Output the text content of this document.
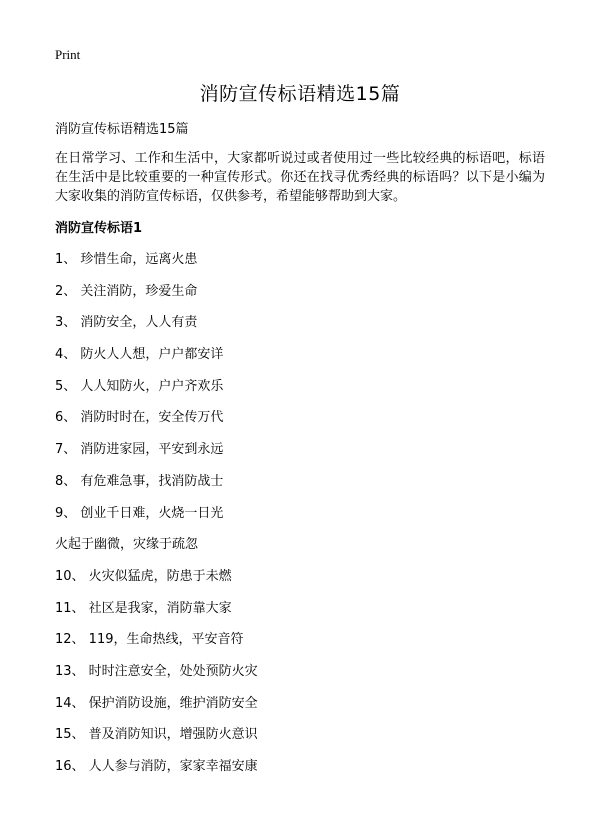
Print
消防宣传标语精选15篇

消防宣传标语精选15篇

在日常学习、工作和生活中，大家都听说过或者使用过一些比较经典的标语吧，标语在生活中是比较重要的一种宣传形式。你还在找寻优秀经典的标语吗？以下是小编为大家收集的消防宣传标语，仅供参考，希望能够帮助到大家。

消防宣传标语1
1、 珍惜生命，远离火患
2、 关注消防，珍爱生命
3、 消防安全，人人有责
4、 防火人人想，户户都安详
5、 人人知防火，户户齐欢乐
6、 消防时时在，安全传万代
7、 消防进家园，平安到永远
8、 有危难急事，找消防战士
9、 创业千日难，火烧一日光
火起于幽微，灾缘于疏忽
10、 火灾似猛虎，防患于未燃
11、 社区是我家，消防靠大家
12、 119，生命热线，平安音符
13、 时时注意安全，处处预防火灾
14、 保护消防设施，维护消防安全
15、 普及消防知识，增强防火意识
16、 人人参与消防，家家幸福安康
